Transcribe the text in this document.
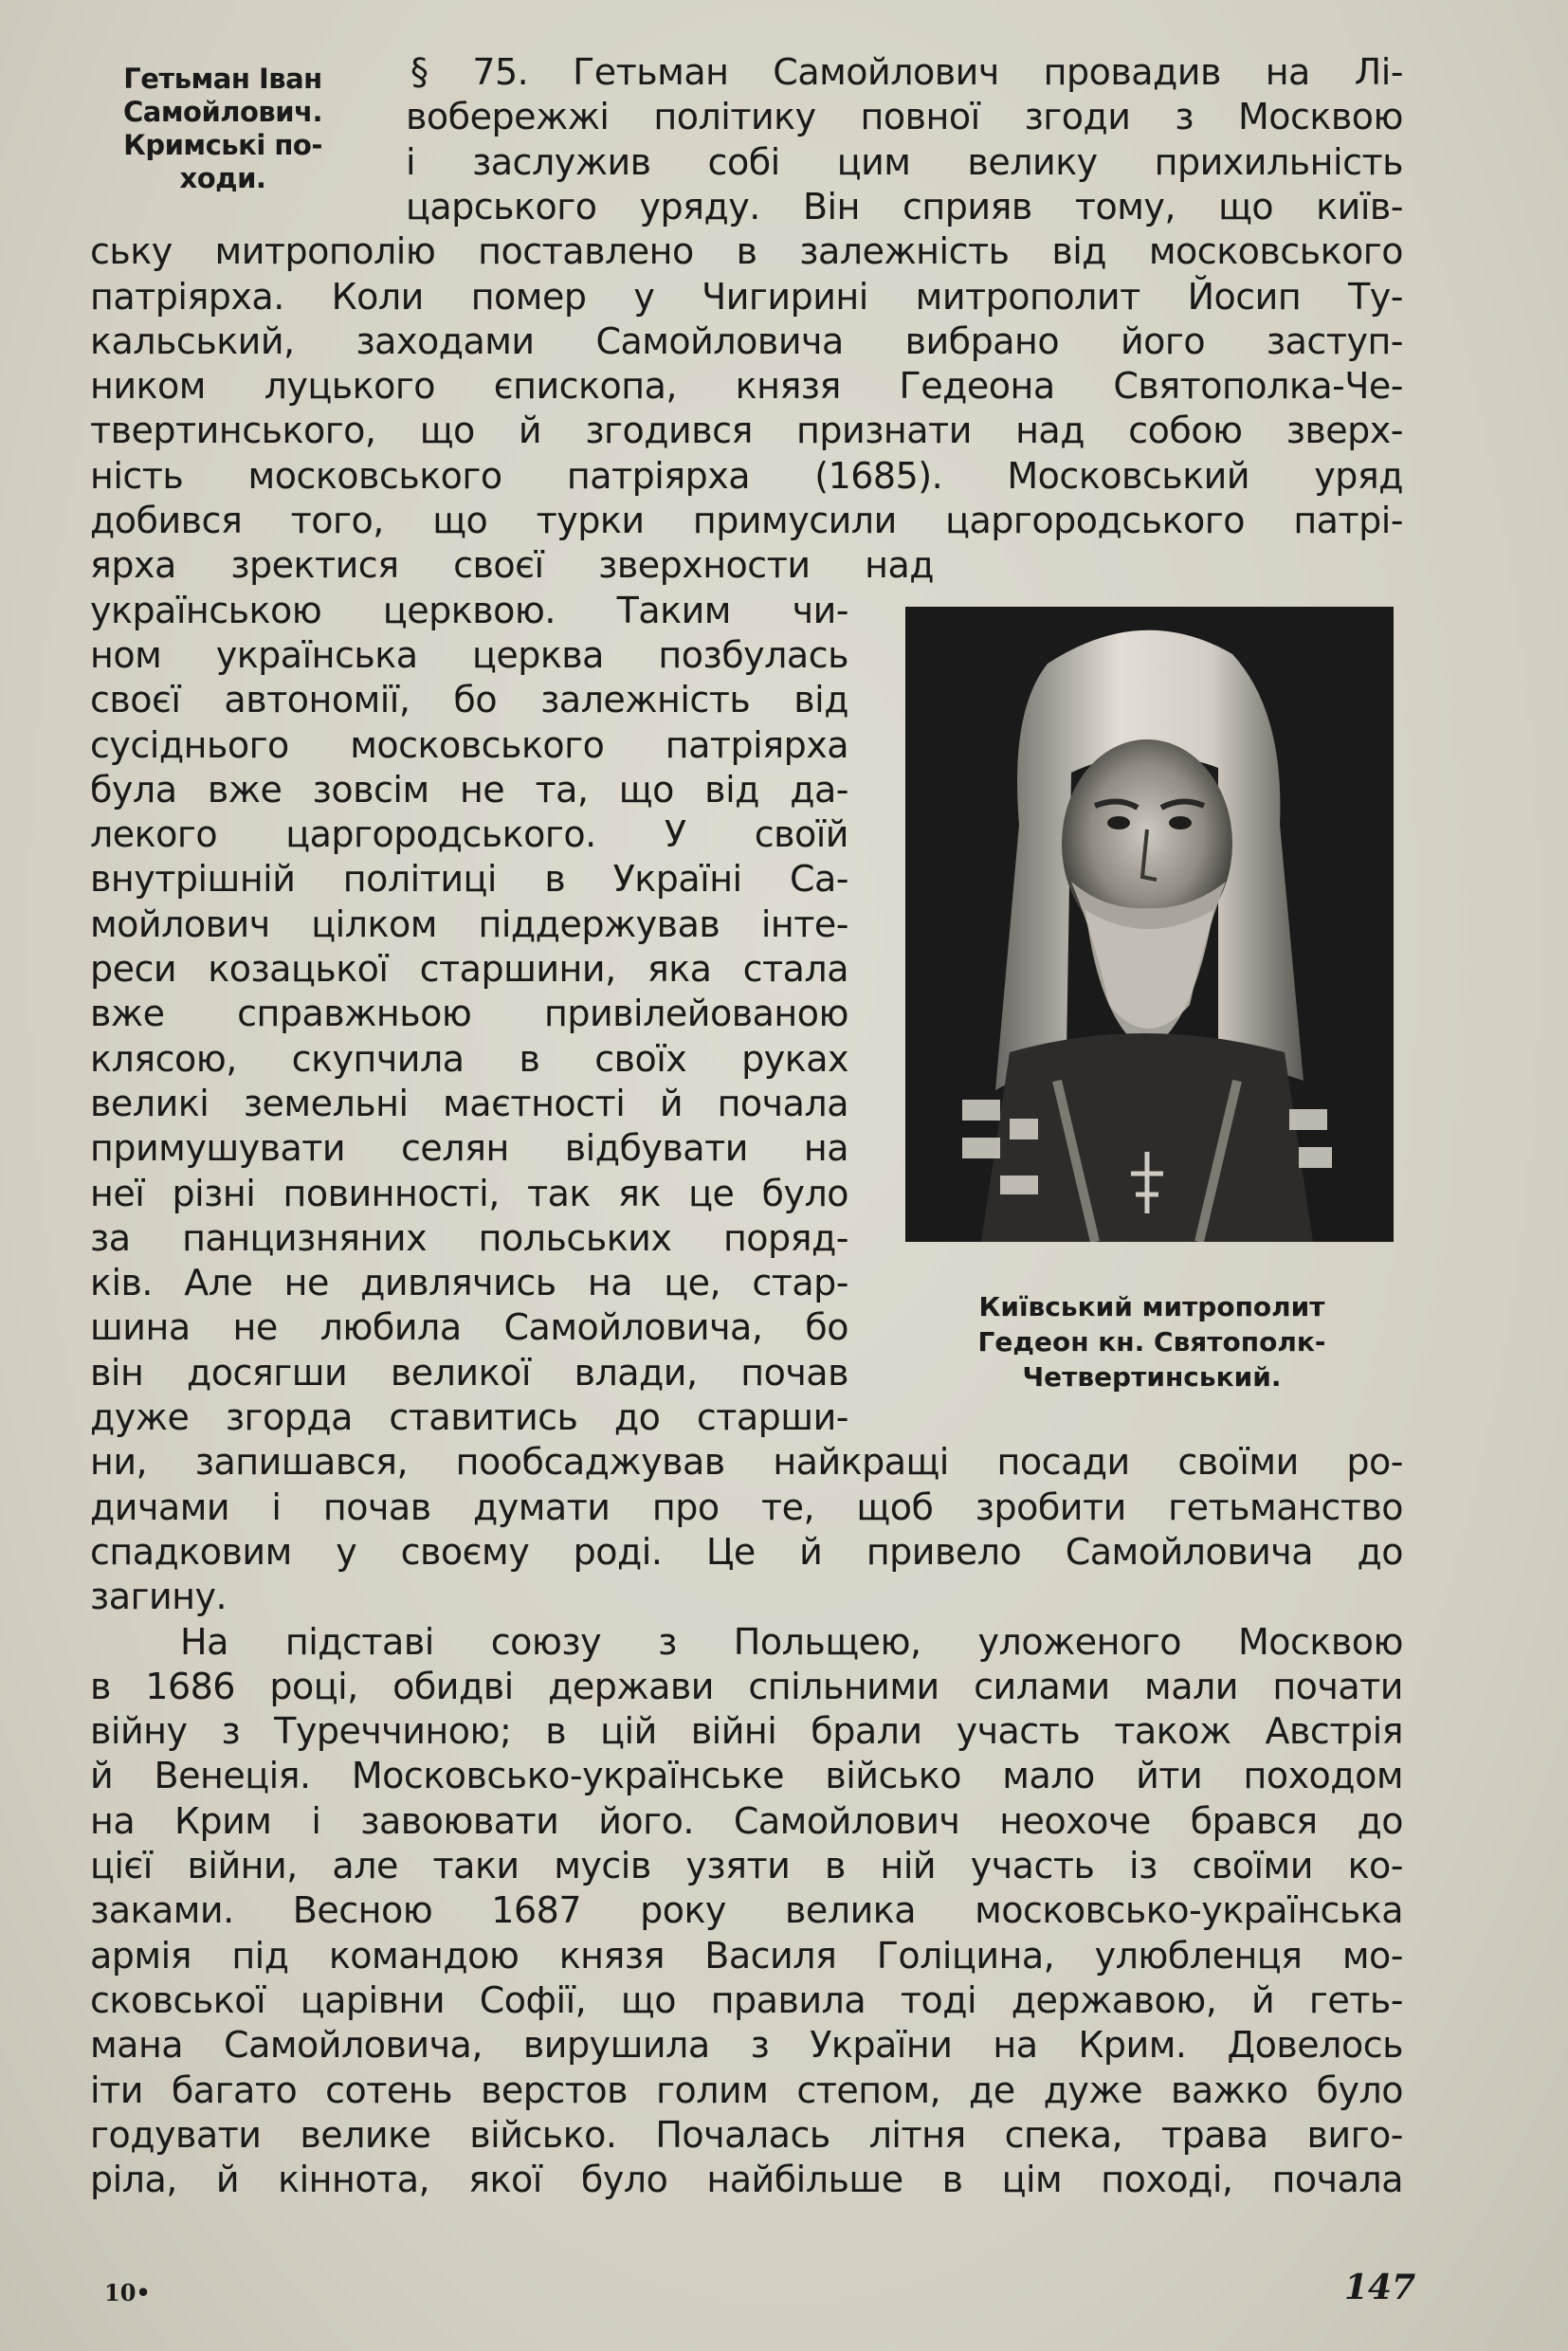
Гетьман Іван
Самойлович.
Кримські по-
ходи.
§ 75. Гетьман Самойлович провадив на Лі-
вобережжі політику повної згоди з Москвою
і заслужив собі цим велику прихильність
царського уряду. Він сприяв тому, що київ-
ську митрополію поставлено в залежність від московського
патріярха. Коли помер у Чигирині митрополит Йосип Ту-
кальський, заходами Самойловича вибрано його заступ-
ником луцького єпископа, князя Гедеона Святополка-Че-
твертинського, що й згодився признати над собою зверх-
ність московського патріярха (1685). Московський уряд
добився того, що турки примусили царгородського патрі-
ярха зректися своєї зверхности над
українською церквою. Таким чи-
ном українська церква позбулась
своєї автономії, бо залежність від
сусіднього московського патріярха
була вже зовсім не та, що від да-
лекого царгородського. У своїй
внутрішній політиці в Україні Са-
мойлович цілком піддержував інте-
реси козацької старшини, яка стала
вже справжньою привілейованою
клясою, скупчила в своїх руках
великі земельні маєтності й почала
примушувати селян відбувати на
неї різні повинності, так як це було
за панцизняних польських поряд-
ків. Але не дивлячись на це, стар-
шина не любила Самойловича, бо
він досягши великої влади, почав
дуже згорда ставитись до старши-
ни, запишався, пообсаджував найкращі посади своїми ро-
дичами і почав думати про те, щоб зробити гетьманство
спадковим у своєму роді. Це й привело Самойловича до
загину.
На підставі союзу з Польщею, уложеного Москвою
в 1686 році, обидві держави спільними силами мали почати
війну з Туреччиною; в цій війні брали участь також Австрія
й Венеція. Московсько-українське військо мало йти походом
на Крим і завоювати його. Самойлович неохоче брався до
цієї війни, але таки мусів узяти в ній участь із своїми ко-
заками. Весною 1687 року велика московсько-українська
армія під командою князя Василя Голіцина, улюбленця мо-
сковської царівни Софії, що правила тоді державою, й геть-
мана Самойловича, вирушила з України на Крим. Довелось
іти багато сотень верстов голим степом, де дуже важко було
годувати велике військо. Почалась літня спека, трава виго-
ріла, й кіннота, якої було найбільше в цім поході, почала
Київський митрополит
Гедеон кн. Святополк-
Четвертинський.
10•	147
